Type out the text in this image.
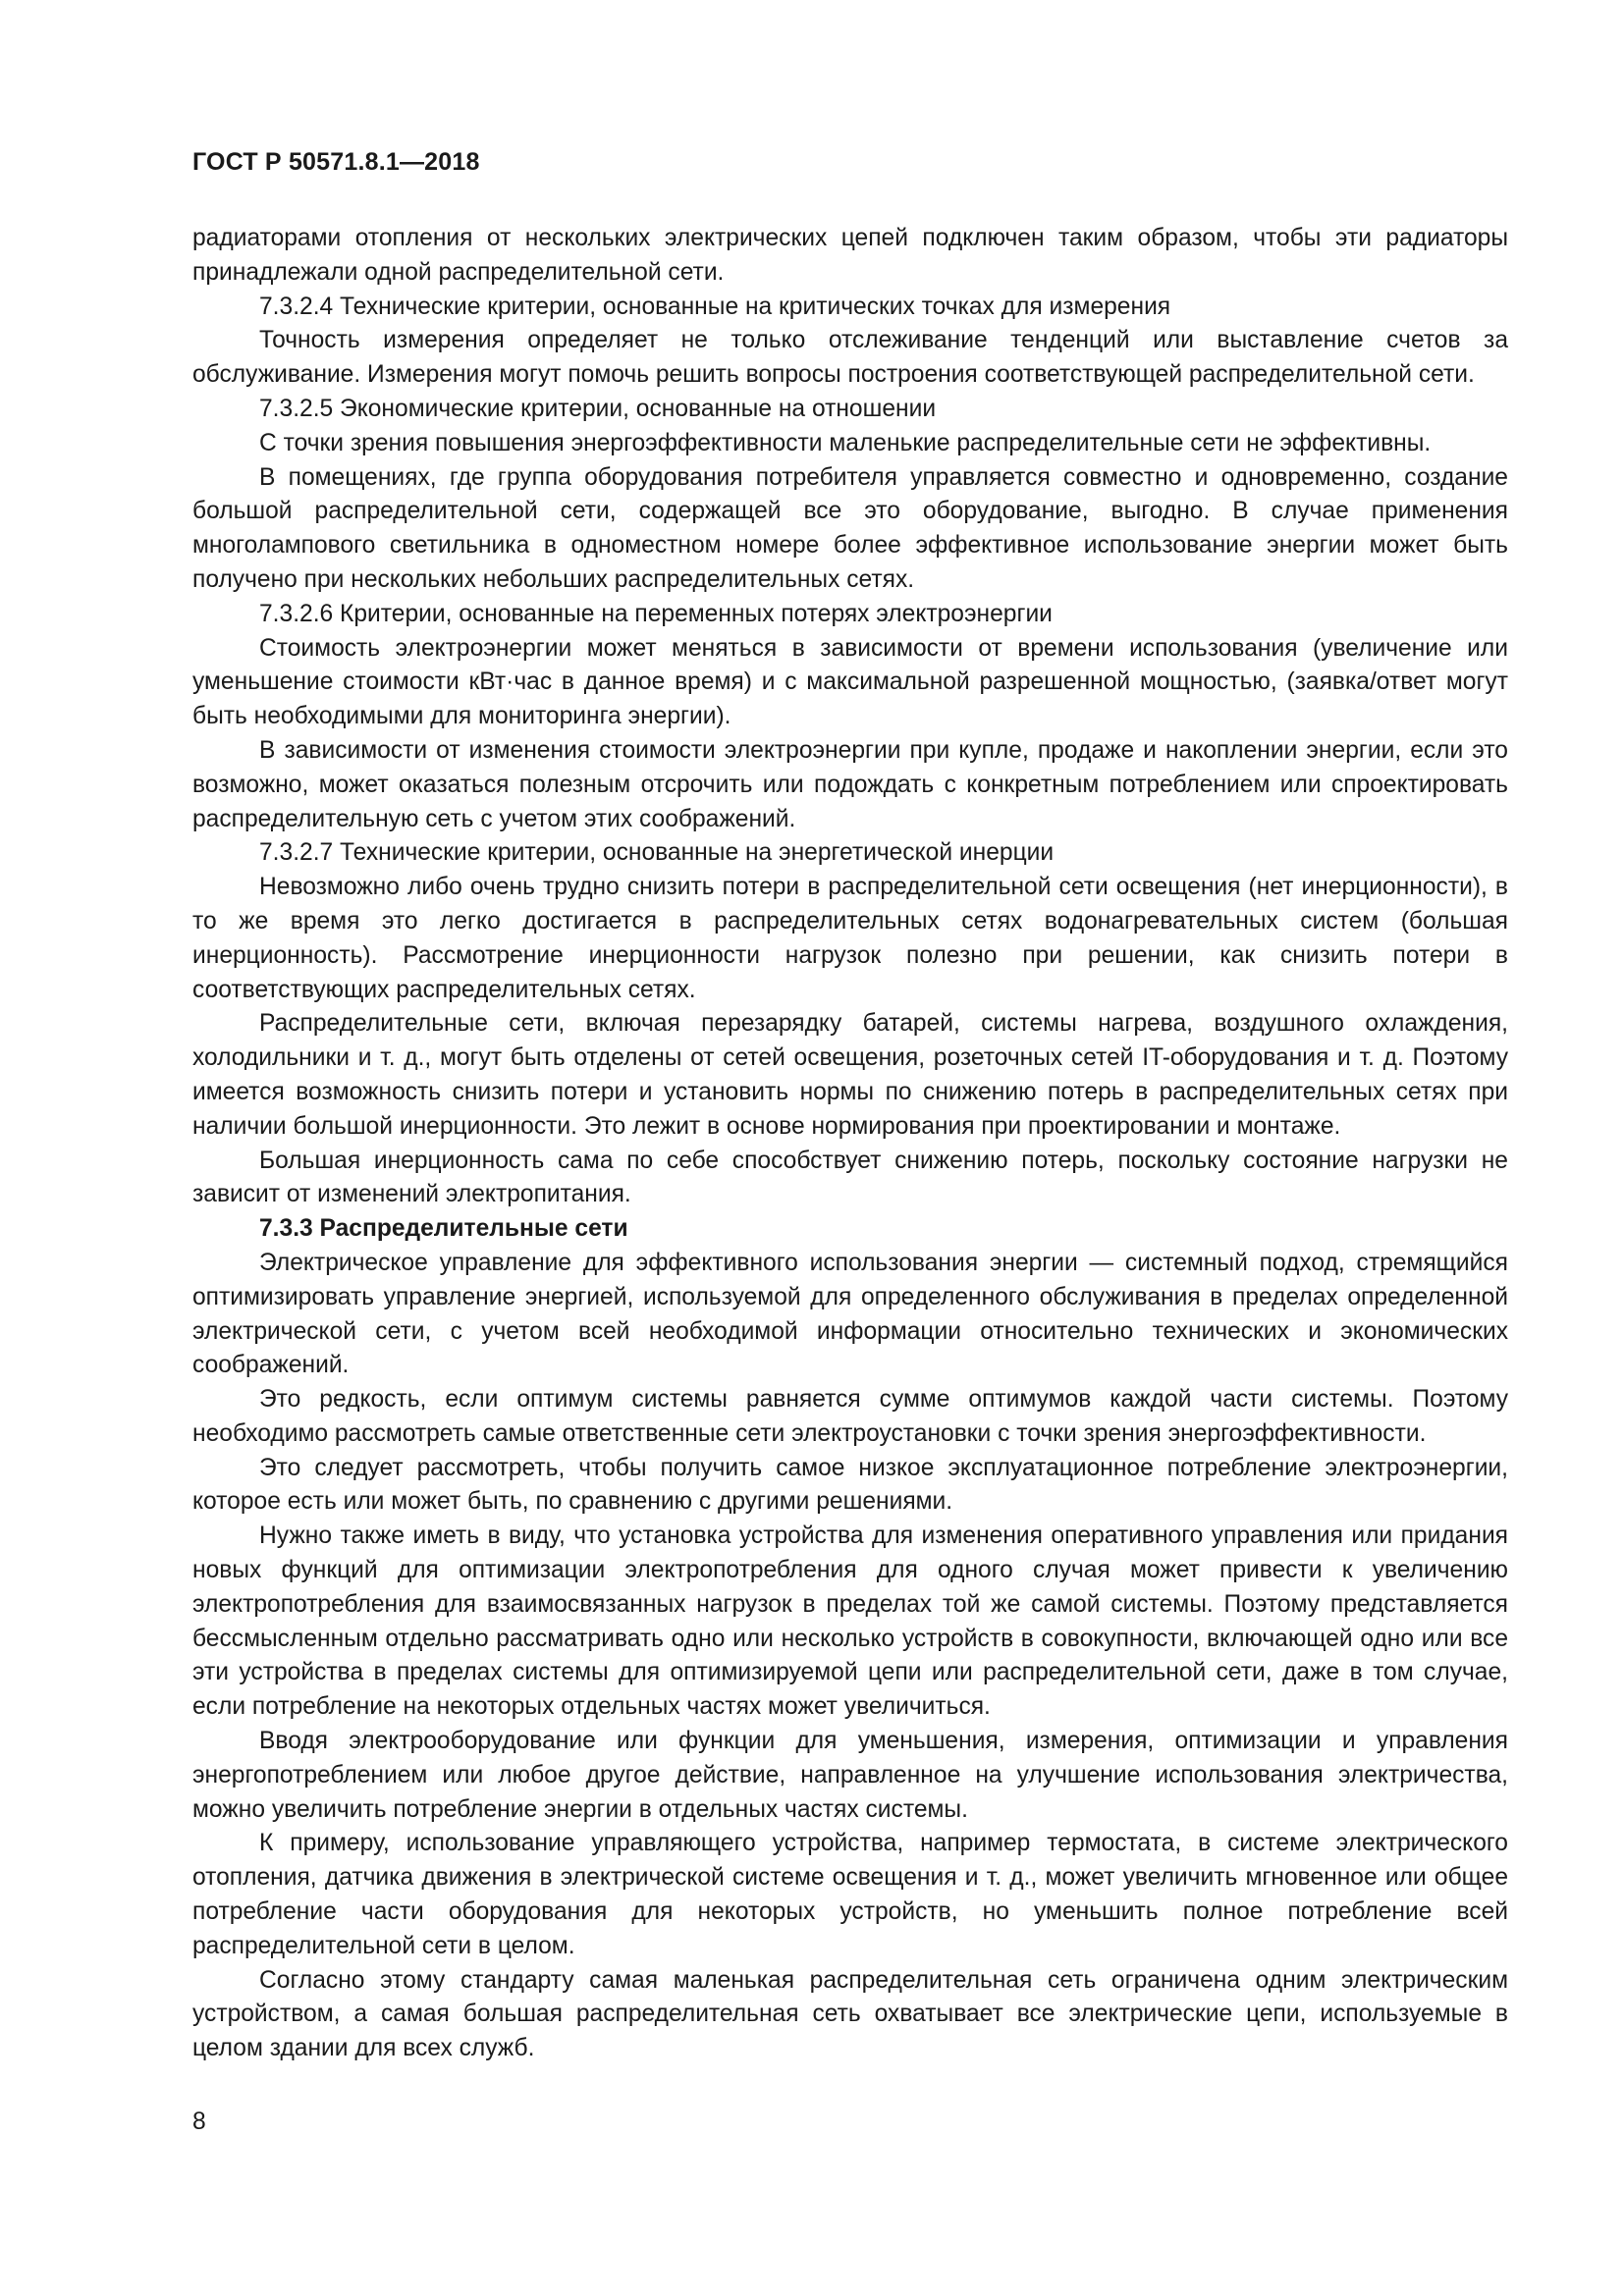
ГОСТ Р 50571.8.1—2018

радиаторами отопления от нескольких электрических цепей подключен таким образом, чтобы эти радиаторы принадлежали одной распределительной сети.

7.3.2.4 Технические критерии, основанные на критических точках для измерения

Точность измерения определяет не только отслеживание тенденций или выставление счетов за обслуживание. Измерения могут помочь решить вопросы построения соответствующей распределительной сети.

7.3.2.5 Экономические критерии, основанные на отношении

С точки зрения повышения энергоэффективности маленькие распределительные сети не эффективны.

В помещениях, где группа оборудования потребителя управляется совместно и одновременно, создание большой распределительной сети, содержащей все это оборудование, выгодно. В случае применения многолампового светильника в одноместном номере более эффективное использование энергии может быть получено при нескольких небольших распределительных сетях.

7.3.2.6 Критерии, основанные на переменных потерях электроэнергии

Стоимость электроэнергии может меняться в зависимости от времени использования (увеличение или уменьшение стоимости кВт·час в данное время) и с максимальной разрешенной мощностью, (заявка/ответ могут быть необходимыми для мониторинга энергии).

В зависимости от изменения стоимости электроэнергии при купле, продаже и накоплении энергии, если это возможно, может оказаться полезным отсрочить или подождать с конкретным потреблением или спроектировать распределительную сеть с учетом этих соображений.

7.3.2.7 Технические критерии, основанные на энергетической инерции

Невозможно либо очень трудно снизить потери в распределительной сети освещения (нет инерционности), в то же время это легко достигается в распределительных сетях водонагревательных систем (большая инерционность). Рассмотрение инерционности нагрузок полезно при решении, как снизить потери в соответствующих распределительных сетях.

Распределительные сети, включая перезарядку батарей, системы нагрева, воздушного охлаждения, холодильники и т. д., могут быть отделены от сетей освещения, розеточных сетей IT-оборудования и т. д. Поэтому имеется возможность снизить потери и установить нормы по снижению потерь в распределительных сетях при наличии большой инерционности. Это лежит в основе нормирования при проектировании и монтаже.

Большая инерционность сама по себе способствует снижению потерь, поскольку состояние нагрузки не зависит от изменений электропитания.

7.3.3 Распределительные сети

Электрическое управление для эффективного использования энергии — системный подход, стремящийся оптимизировать управление энергией, используемой для определенного обслуживания в пределах определенной электрической сети, с учетом всей необходимой информации относительно технических и экономических соображений.

Это редкость, если оптимум системы равняется сумме оптимумов каждой части системы. Поэтому необходимо рассмотреть самые ответственные сети электроустановки с точки зрения энергоэффективности.

Это следует рассмотреть, чтобы получить самое низкое эксплуатационное потребление электроэнергии, которое есть или может быть, по сравнению с другими решениями.

Нужно также иметь в виду, что установка устройства для изменения оперативного управления или придания новых функций для оптимизации электропотребления для одного случая может привести к увеличению электропотребления для взаимосвязанных нагрузок в пределах той же самой системы. Поэтому представляется бессмысленным отдельно рассматривать одно или несколько устройств в совокупности, включающей одно или все эти устройства в пределах системы для оптимизируемой цепи или распределительной сети, даже в том случае, если потребление на некоторых отдельных частях может увеличиться.

Вводя электрооборудование или функции для уменьшения, измерения, оптимизации и управления энергопотреблением или любое другое действие, направленное на улучшение использования электричества, можно увеличить потребление энергии в отдельных частях системы.

К примеру, использование управляющего устройства, например термостата, в системе электрического отопления, датчика движения в электрической системе освещения и т. д., может увеличить мгновенное или общее потребление части оборудования для некоторых устройств, но уменьшить полное потребление всей распределительной сети в целом.

Согласно этому стандарту самая маленькая распределительная сеть ограничена одним электрическим устройством, а самая большая распределительная сеть охватывает все электрические цепи, используемые в целом здании для всех служб.

8
